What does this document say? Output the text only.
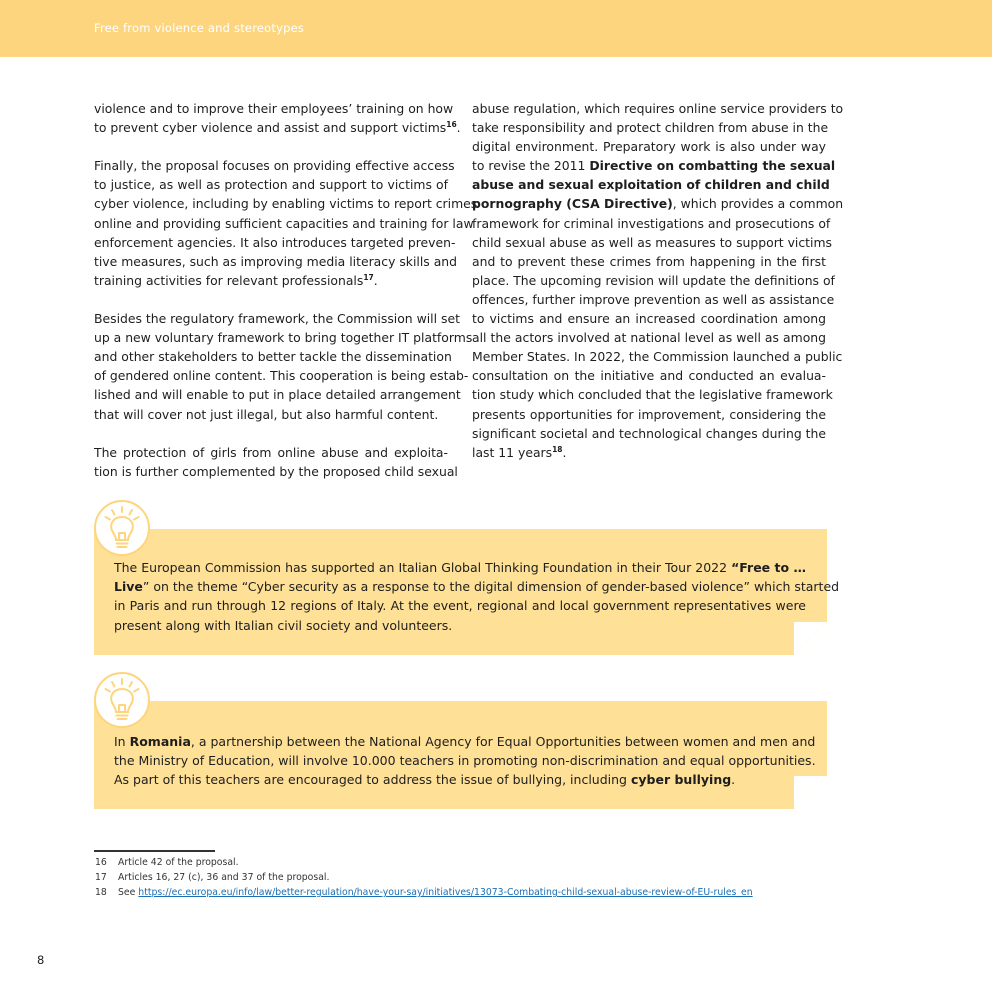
Free from violence and stereotypes
violence and to improve their employees’ training on how
to prevent cyber violence and assist and support victims$^{16}$.
Finally, the proposal focuses on providing effective access
to justice, as well as protection and support to victims of
cyber violence, including by enabling victims to report crimes
online and providing sufficient capacities and training for law
enforcement agencies. It also introduces targeted preven-
tive measures, such as improving media literacy skills and
training activities for relevant professionals$^{17}$.
Besides the regulatory framework, the Commission will set
up a new voluntary framework to bring together IT platforms
and other stakeholders to better tackle the dissemination
of gendered online content. This cooperation is being estab-
lished and will enable to put in place detailed arrangement
that will cover not just illegal, but also harmful content.
The protection of girls from online abuse and exploita-
tion is further complemented by the proposed child sexual
abuse regulation, which requires online service providers to
take responsibility and protect children from abuse in the
digital environment. Preparatory work is also under way
to revise the 2011 Directive on combatting the sexual
abuse and sexual exploitation of children and child
pornography (CSA Directive), which provides a common
framework for criminal investigations and prosecutions of
child sexual abuse as well as measures to support victims
and to prevent these crimes from happening in the first
place. The upcoming revision will update the definitions of
offences, further improve prevention as well as assistance
to victims and ensure an increased coordination among
all the actors involved at national level as well as among
Member States. In 2022, the Commission launched a public
consultation on the initiative and conducted an evalua-
tion study which concluded that the legislative framework
presents opportunities for improvement, considering the
significant societal and technological changes during the
last 11 years$^{18}$.
The European Commission has supported an Italian Global Thinking Foundation in their Tour 2022 “Free to …
Live” on the theme “Cyber security as a response to the digital dimension of gender-based violence” which started
in Paris and run through 12 regions of Italy. At the event, regional and local government representatives were
present along with Italian civil society and volunteers.
In Romania, a partnership between the National Agency for Equal Opportunities between women and men and
the Ministry of Education, will involve 10.000 teachers in promoting non-discrimination and equal opportunities.
As part of this teachers are encouraged to address the issue of bullying, including cyber bullying.
16 Article 42 of the proposal.
17 Articles 16, 27 (c), 36 and 37 of the proposal.
18 See https://ec.europa.eu/info/law/better-regulation/have-your-say/initiatives/13073-Combating-child-sexual-abuse-review-of-EU-rules_en
8
